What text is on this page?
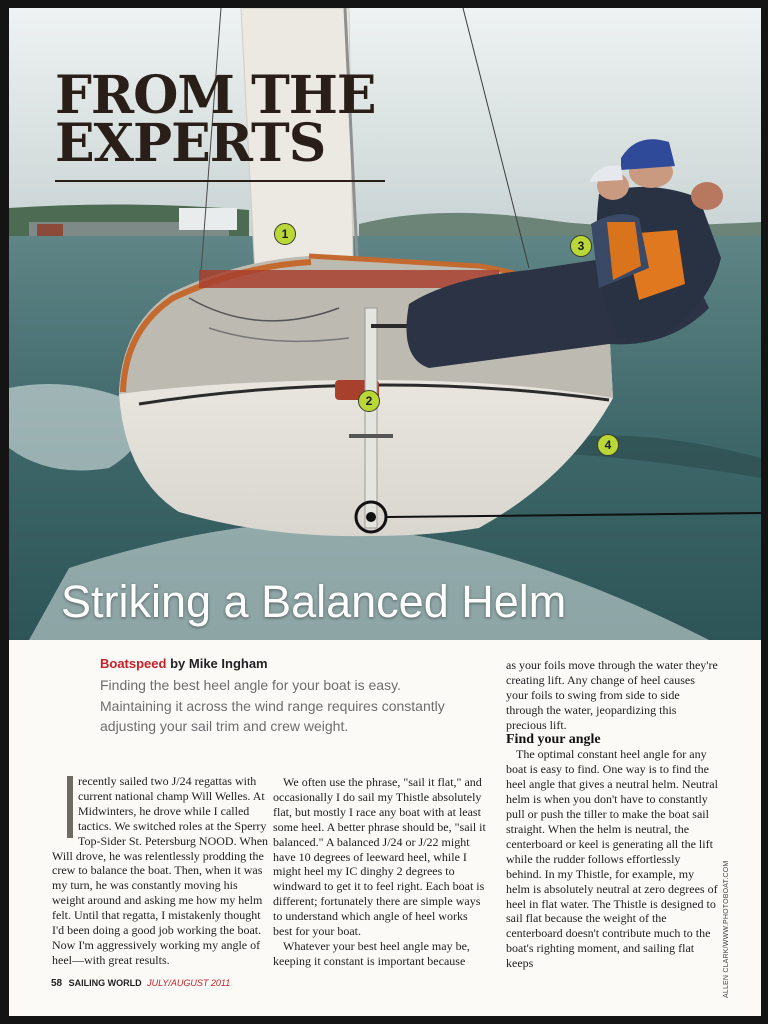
FROM THE
EXPERTS
1
2
3
4
Striking a Balanced Helm

Boatspeed by Mike Ingham

Finding the best heel angle for your boat is easy. Maintaining it across the wind range requires constantly adjusting your sail trim and crew weight.

recently sailed two J/24 regattas with current national champ Will Welles. At Midwinters, he drove while I called tactics. We switched roles at the Sperry Top-Sider St. Petersburg NOOD. When Will drove, he was relentlessly prodding the crew to balance the boat. Then, when it was my turn, he was constantly moving his weight around and asking me how my helm felt. Until that regatta, I mistakenly thought I'd been doing a good job working the boat. Now I'm aggressively working my angle of heel—with great results.

We often use the phrase, "sail it flat," and occasionally I do sail my Thistle absolutely flat, but mostly I race any boat with at least some heel. A better phrase should be, "sail it balanced." A balanced J/24 or J/22 might have 10 degrees of leeward heel, while I might heel my IC dinghy 2 degrees to windward to get it to feel right. Each boat is different; fortunately there are simple ways to understand which angle of heel works best for your boat.

Whatever your best heel angle may be, keeping it constant is important because

as your foils move through the water they're creating lift. Any change of heel causes your foils to swing from side to side through the water, jeopardizing this precious lift.

Find your angle

The optimal constant heel angle for any boat is easy to find. One way is to find the heel angle that gives a neutral helm. Neutral helm is when you don't have to constantly pull or push the tiller to make the boat sail straight. When the helm is neutral, the centerboard or keel is generating all the lift while the rudder follows effortlessly behind. In my Thistle, for example, my helm is absolutely neutral at zero degrees of heel in flat water. The Thistle is designed to sail flat because the weight of the centerboard doesn't contribute much to the boat's righting moment, and sailing flat keeps

58 SAILING WORLD JULY/AUGUST 2011	ALLEN CLARK/WWW.PHOTOBOAT.COM
